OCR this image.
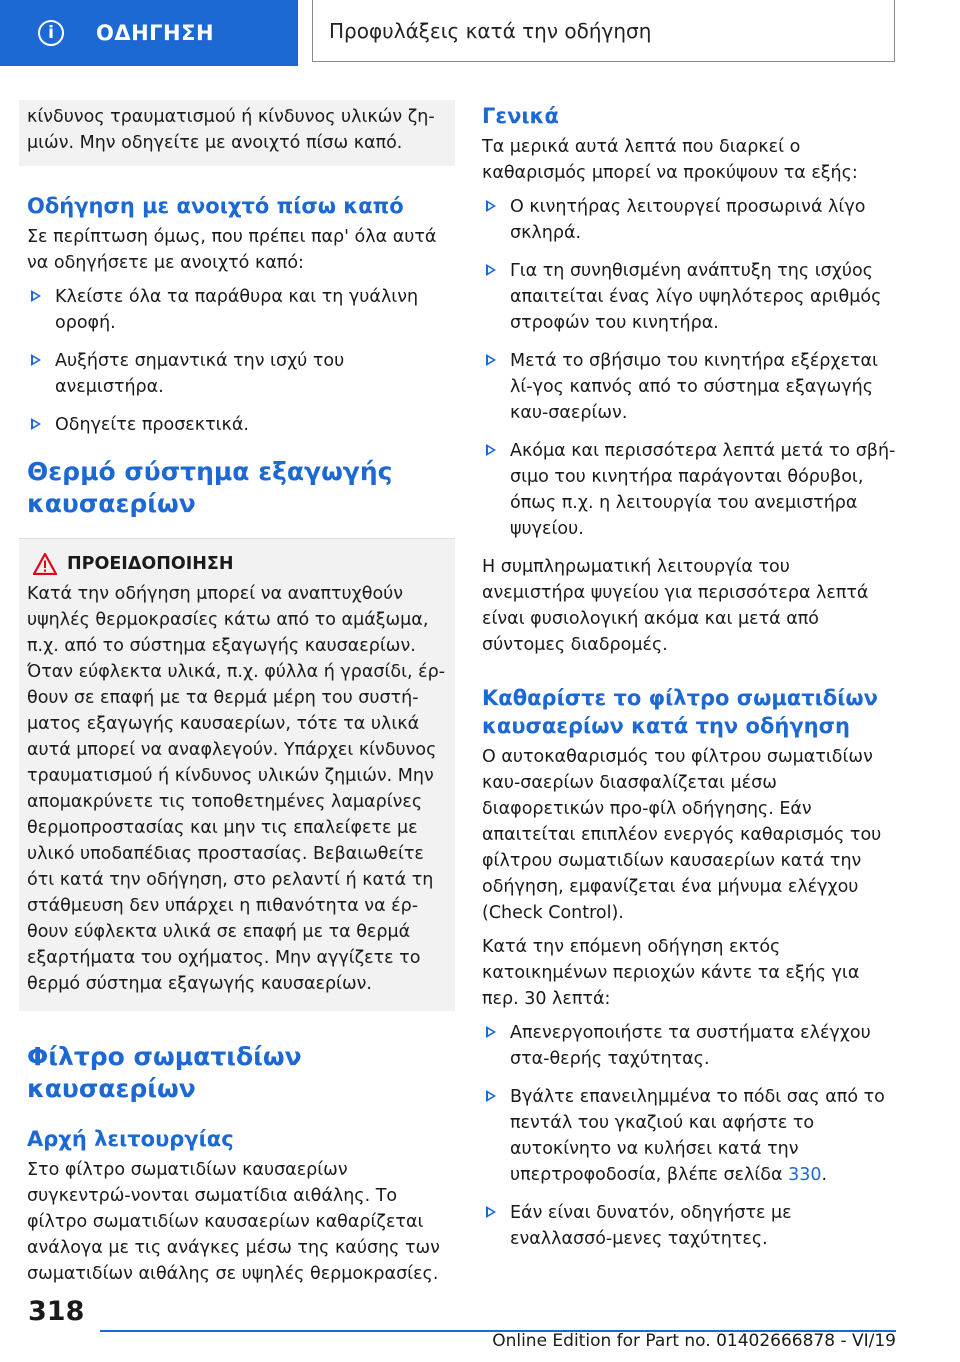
i	ΟΔΗΓΗΣΗ	Προφυλάξεις κατά την οδήγηση
κίνδυνος τραυματισμού ή κίνδυνος υλικών ζη-μιών. Μην οδηγείτε με ανοιχτό πίσω καπό.
Οδήγηση με ανοιχτό πίσω καπό
Σε περίπτωση όμως, που πρέπει παρ' όλα αυτά να οδηγήσετε με ανοιχτό καπό:
Κλείστε όλα τα παράθυρα και τη γυάλινη οροφή.
Αυξήστε σημαντικά την ισχύ του ανεμιστήρα.
Οδηγείτε προσεκτικά.
Θερμό σύστημα εξαγωγής καυσαερίων
ΠΡΟΕΙΔΟΠΟΙΗΣΗ
Κατά την οδήγηση μπορεί να αναπτυχθούν υψηλές θερμοκρασίες κάτω από το αμάξωμα, π.χ. από το σύστημα εξαγωγής καυσαερίων. Όταν εύφλεκτα υλικά, π.χ. φύλλα ή γρασίδι, έρ-θουν σε επαφή με τα θερμά μέρη του συστή-ματος εξαγωγής καυσαερίων, τότε τα υλικά αυτά μπορεί να αναφλεγούν. Υπάρχει κίνδυνος τραυματισμού ή κίνδυνος υλικών ζημιών. Μην απομακρύνετε τις τοποθετημένες λαμαρίνες θερμοπροστασίας και μην τις επαλείφετε με υλικό υποδαπέδιας προστασίας. Βεβαιωθείτε ότι κατά την οδήγηση, στο ρελαντί ή κατά τη στάθμευση δεν υπάρχει η πιθανότητα να έρ-θουν εύφλεκτα υλικά σε επαφή με τα θερμά εξαρτήματα του οχήματος. Μην αγγίζετε το θερμό σύστημα εξαγωγής καυσαερίων.
Φίλτρο σωματιδίων καυσαερίων
Αρχή λειτουργίας
Στο φίλτρο σωματιδίων καυσαερίων συγκεντρώ-νονται σωματίδια αιθάλης. Το φίλτρο σωματιδίων καυσαερίων καθαρίζεται ανάλογα με τις ανάγκες μέσω της καύσης των σωματιδίων αιθάλης σε υψηλές θερμοκρασίες.
Γενικά
Τα μερικά αυτά λεπτά που διαρκεί ο καθαρισμός μπορεί να προκύψουν τα εξής:
Ο κινητήρας λειτουργεί προσωρινά λίγο σκληρά.
Για τη συνηθισμένη ανάπτυξη της ισχύος απαιτείται ένας λίγο υψηλότερος αριθμός στροφών του κινητήρα.
Μετά το σβήσιμο του κινητήρα εξέρχεται λί-γος καπνός από το σύστημα εξαγωγής καυ-σαερίων.
Ακόμα και περισσότερα λεπτά μετά το σβή-σιμο του κινητήρα παράγονται θόρυβοι, όπως π.χ. η λειτουργία του ανεμιστήρα ψυγείου.
Η συμπληρωματική λειτουργία του ανεμιστήρα ψυγείου για περισσότερα λεπτά είναι φυσιολογική ακόμα και μετά από σύντομες διαδρομές.
Καθαρίστε το φίλτρο σωματιδίων καυσαερίων κατά την οδήγηση
Ο αυτοκαθαρισμός του φίλτρου σωματιδίων καυ-σαερίων διασφαλίζεται μέσω διαφορετικών προ-φίλ οδήγησης. Εάν απαιτείται επιπλέον ενεργός καθαρισμός του φίλτρου σωματιδίων καυσαερίων κατά την οδήγηση, εμφανίζεται ένα μήνυμα ελέγχου (Check Control).
Κατά την επόμενη οδήγηση εκτός κατοικημένων περιοχών κάντε τα εξής για περ. 30 λεπτά:
Απενεργοποιήστε τα συστήματα ελέγχου στα-θερής ταχύτητας.
Βγάλτε επανειλημμένα το πόδι σας από το πεντάλ του γκαζιού και αφήστε το αυτοκίνητο να κυλήσει κατά την υπερτροφοδοσία, βλέπε σελίδα 330.
Εάν είναι δυνατόν, οδηγήστε με εναλλασσό-μενες ταχύτητες.
318
Online Edition for Part no. 01402666878 - VI/19
